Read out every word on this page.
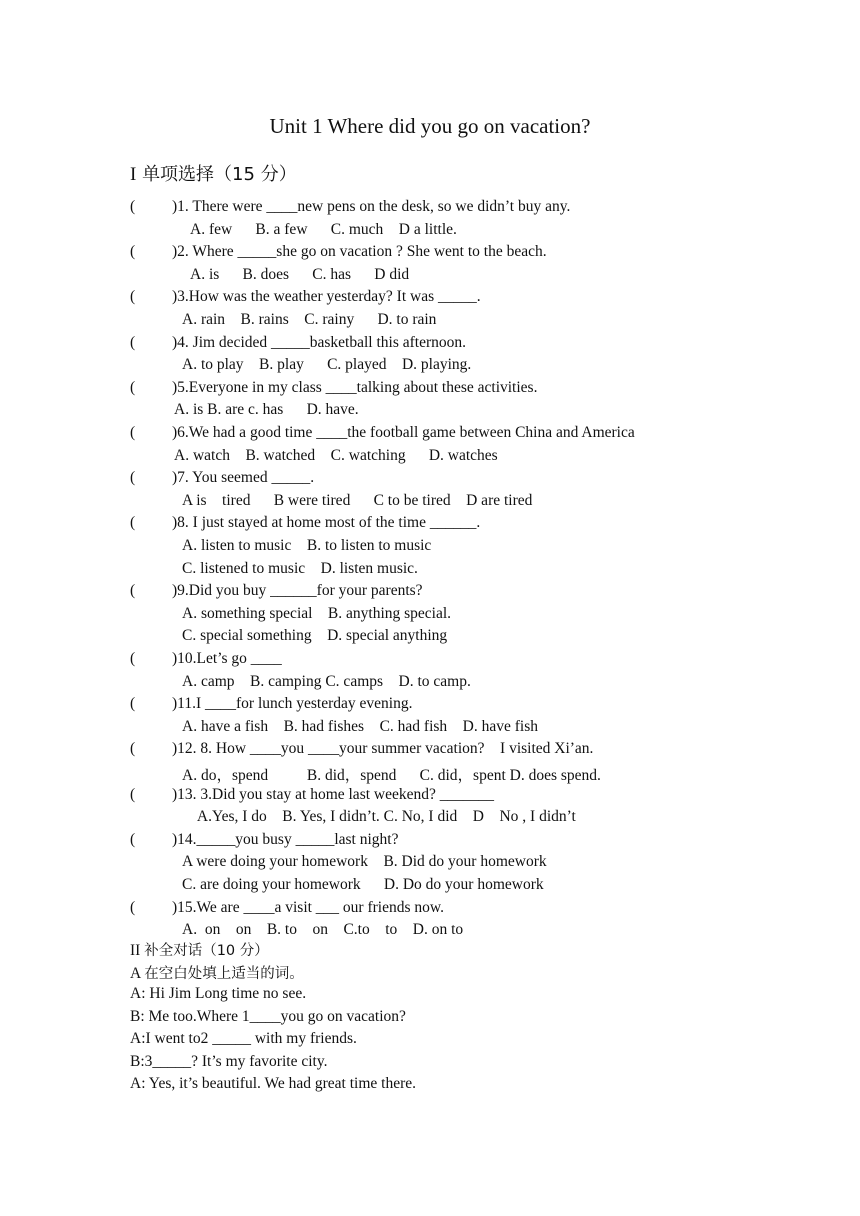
Unit 1 Where did you go on vacation?
I 单项选择（15 分）
( )1. There were ____new pens on the desk, so we didn’t buy any.
A. few      B. a few      C. much    D a little.
( )2. Where _____she go on vacation ? She went to the beach.
A. is      B. does      C. has      D did
( )3.How was the weather yesterday? It was _____.
A. rain    B. rains    C. rainy      D. to rain
( )4. Jim decided _____basketball this afternoon.
A. to play    B. play      C. played    D. playing.
( )5.Everyone in my class ____talking about these activities.
A. is B. are c. has      D. have.
( )6.We had a good time ____the football game between China and America
A. watch    B. watched    C. watching      D. watches
( )7. You seemed _____.
A is    tired      B were tired      C to be tired    D are tired
( )8. I just stayed at home most of the time ______.
A. listen to music    B. to listen to music
C. listened to music    D. listen music.
( )9.Did you buy ______for your parents?
A. something special    B. anything special.
C. special something    D. special anything
( )10.Let’s go ____
A. camp    B. camping C. camps    D. to camp.
( )11.I ____for lunch yesterday evening.
A. have a fish    B. had fishes    C. had fish    D. have fish
( )12. 8. How ____you ____your summer vacation?    I visited Xi’an.
A. do，spend          B. did，spend      C. did，spent D. does spend.
( )13. 3.Did you stay at home last weekend? _______
A.Yes, I do    B. Yes, I didn’t. C. No, I did    D    No , I didn’t
( )14._____you busy _____last night?
A were doing your homework    B. Did do your homework
C. are doing your homework      D. Do do your homework
( )15.We are ____a visit ___ our friends now.
A.  on    on    B. to    on    C.to    to    D. on to
II 补全对话（10 分）
A 在空白处填上适当的词。
A: Hi Jim Long time no see.
B: Me too.Where 1____you go on vacation?
A:I went to2 _____ with my friends.
B:3_____? It’s my favorite city.
A: Yes, it’s beautiful. We had great time there.
